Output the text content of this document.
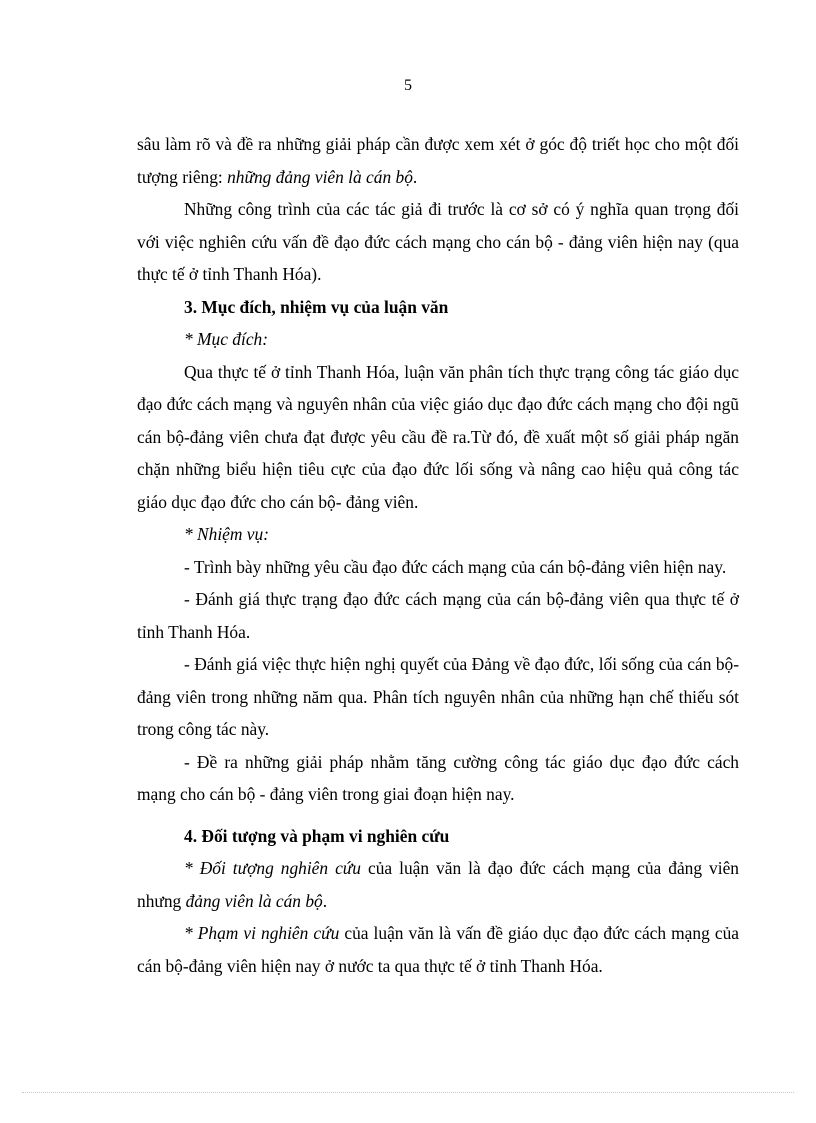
5

sâu làm rõ và đề ra những giải pháp cần được xem xét ở góc độ triết học cho một đối tượng riêng: những đảng viên là cán bộ.

Những công trình của các tác giả đi trước là cơ sở có ý nghĩa quan trọng đối với việc nghiên cứu vấn đề đạo đức cách mạng cho cán bộ - đảng viên hiện nay (qua thực tế ở tỉnh Thanh Hóa).

3. Mục đích, nhiệm vụ của luận văn

* Mục đích:

Qua thực tế ở tỉnh Thanh Hóa, luận văn phân tích thực trạng công tác giáo dục đạo đức cách mạng và nguyên nhân của việc giáo dục đạo đức cách mạng cho đội ngũ cán bộ-đảng viên chưa đạt được yêu cầu đề ra.Từ đó, đề xuất một số giải pháp ngăn chặn những biểu hiện tiêu cực của đạo đức lối sống và nâng cao hiệu quả công tác giáo dục đạo đức cho cán bộ- đảng viên.

* Nhiệm vụ:

- Trình bày những yêu cầu đạo đức cách mạng của cán bộ-đảng viên hiện nay.

- Đánh giá thực trạng đạo đức cách mạng của cán bộ-đảng viên qua thực tế ở tỉnh Thanh Hóa.

- Đánh giá việc thực hiện nghị quyết của Đảng về đạo đức, lối sống của cán bộ-đảng viên trong những năm qua. Phân tích nguyên nhân của những hạn chế thiếu sót trong công tác này.

- Đề ra những giải pháp nhằm tăng cường công tác giáo dục đạo đức cách mạng cho cán bộ - đảng viên trong giai đoạn hiện nay.

4. Đối tượng và phạm vi nghiên cứu

* Đối tượng nghiên cứu của luận văn là đạo đức cách mạng của đảng viên nhưng đảng viên là cán bộ.

* Phạm vi nghiên cứu của luận văn là vấn đề giáo dục đạo đức cách mạng của cán bộ-đảng viên hiện nay ở nước ta qua thực tế ở tỉnh Thanh Hóa.
